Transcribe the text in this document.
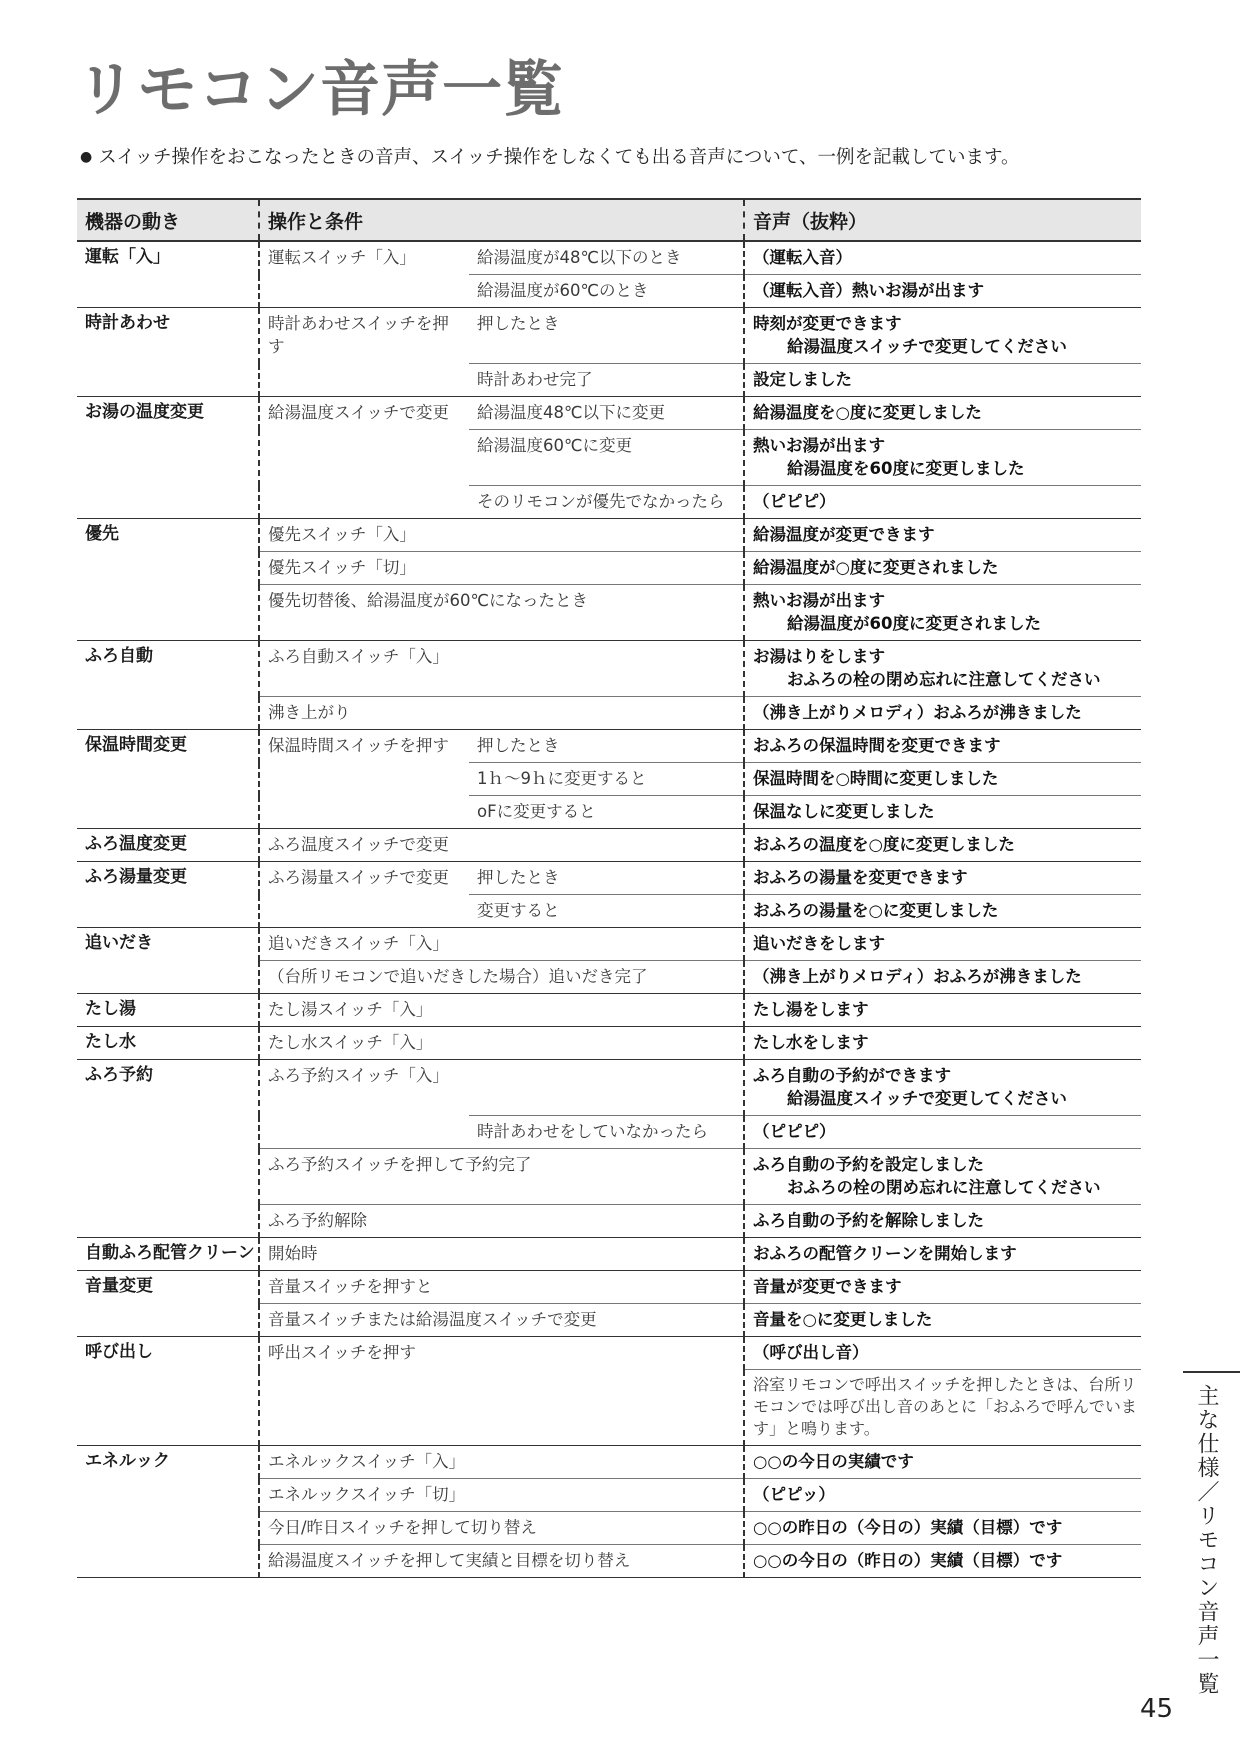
リモコン音声一覧
● スイッチ操作をおこなったときの音声、スイッチ操作をしなくても出る音声について、一例を記載しています。
機器の動き	操作と条件		音声（抜粋）
運転「入」	運転スイッチ「入」	給湯温度が48℃以下のとき	（運転入音）
		給湯温度が60℃のとき	（運転入音）熱いお湯が出ます
時計あわせ	時計あわせスイッチを押す	押したとき	時刻が変更できます
給湯温度スイッチで変更してください

		時計あわせ完了	設定しました
お湯の温度変更	給湯温度スイッチで変更	給湯温度48℃以下に変更	給湯温度を○度に変更しました
		給湯温度60℃に変更	熱いお湯が出ます
給湯温度を60度に変更しました

		そのリモコンが優先でなかったら	（ピピピ）
優先	優先スイッチ「入」		給湯温度が変更できます
	優先スイッチ「切」		給湯温度が○度に変更されました
	優先切替後、給湯温度が60℃になったとき		熱いお湯が出ます
給湯温度が60度に変更されました

ふろ自動	ふろ自動スイッチ「入」		お湯はりをします
おふろの栓の閉め忘れに注意してください

	沸き上がり		（沸き上がりメロディ）おふろが沸きました
保温時間変更	保温時間スイッチを押す	押したとき	おふろの保温時間を変更できます
		1ｈ～9ｈに変更すると	保温時間を○時間に変更しました
		oFに変更すると	保温なしに変更しました
ふろ温度変更	ふろ温度スイッチで変更		おふろの温度を○度に変更しました
ふろ湯量変更	ふろ湯量スイッチで変更	押したとき	おふろの湯量を変更できます
		変更すると	おふろの湯量を○に変更しました
追いだき	追いだきスイッチ「入」		追いだきをします
	（台所リモコンで追いだきした場合）追いだき完了		（沸き上がりメロディ）おふろが沸きました
たし湯	たし湯スイッチ「入」		たし湯をします
たし水	たし水スイッチ「入」		たし水をします
ふろ予約	ふろ予約スイッチ「入」		ふろ自動の予約ができます
給湯温度スイッチで変更してください

		時計あわせをしていなかったら	（ピピピ）
	ふろ予約スイッチを押して予約完了		ふろ自動の予約を設定しました
おふろの栓の閉め忘れに注意してください

	ふろ予約解除		ふろ自動の予約を解除しました
自動ふろ配管クリーン	開始時		おふろの配管クリーンを開始します
音量変更	音量スイッチを押すと		音量が変更できます
	音量スイッチまたは給湯温度スイッチで変更		音量を○に変更しました
呼び出し	呼出スイッチを押す		（呼び出し音）
			浴室リモコンで呼出スイッチを押したときは、台所リモコンでは呼び出し音のあとに「おふろで呼んでいます」と鳴ります。
エネルック	エネルックスイッチ「入」		○○の今日の実績です
	エネルックスイッチ「切」		（ピピッ）
	今日/昨日スイッチを押して切り替え		○○の昨日の（今日の）実績（目標）です
	給湯温度スイッチを押して実績と目標を切り替え		○○の今日の（昨日の）実績（目標）です	主な仕様／リモコン音声一覧
45
